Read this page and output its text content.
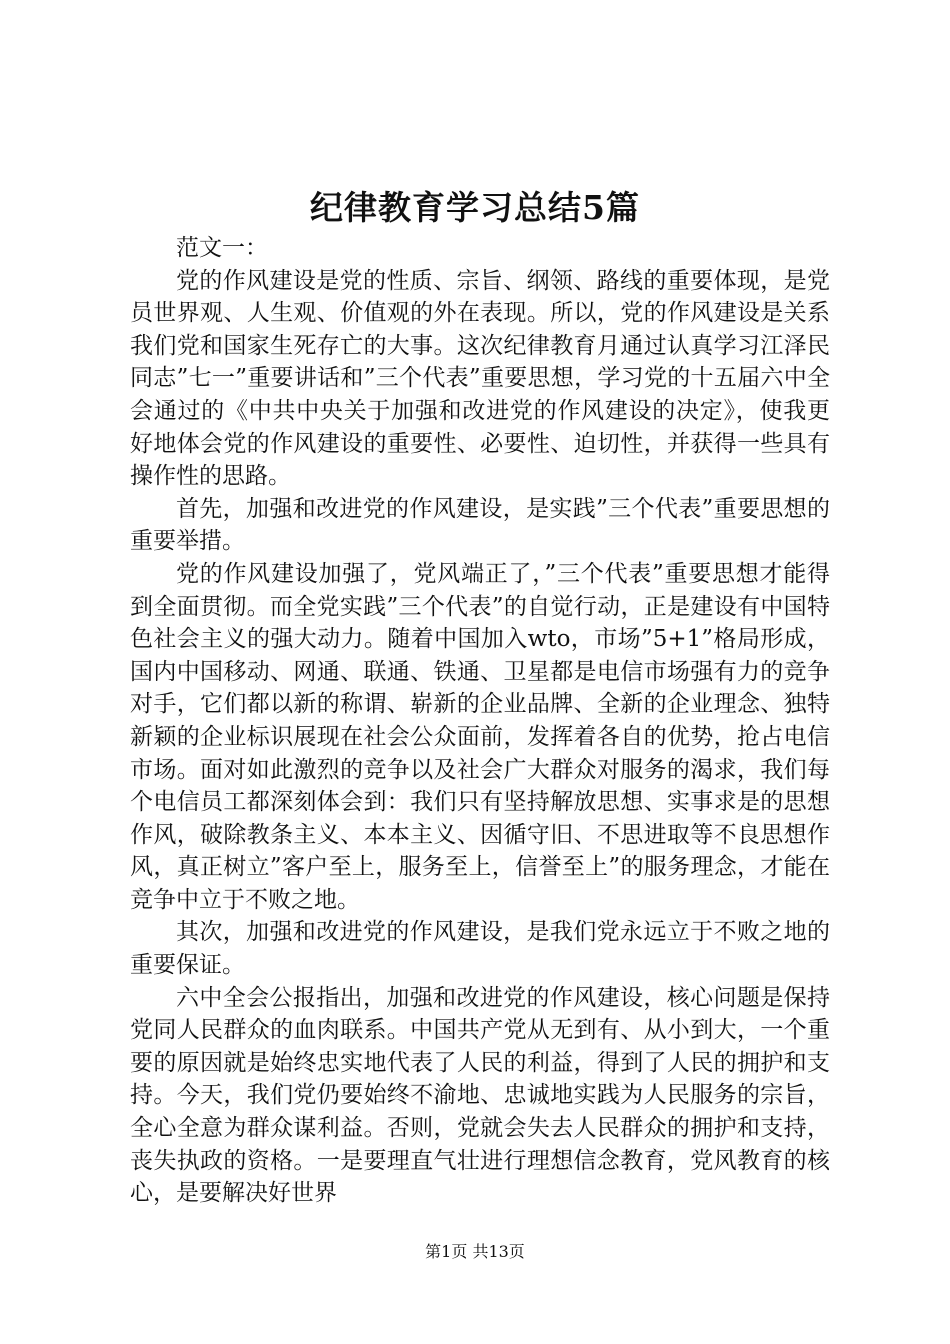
纪律教育学习总结5篇

范文一：

党的作风建设是党的性质、宗旨、纲领、路线的重要体现，是党员世界观、人生观、价值观的外在表现。所以，党的作风建设是关系我们党和国家生死存亡的大事。这次纪律教育月通过认真学习江泽民同志”七一”重要讲话和”三个代表”重要思想，学习党的十五届六中全会通过的《中共中央关于加强和改进党的作风建设的决定》，使我更好地体会党的作风建设的重要性、必要性、迫切性，并获得一些具有操作性的思路。

首先，加强和改进党的作风建设，是实践”三个代表”重要思想的重要举措。

党的作风建设加强了，党风端正了，”三个代表”重要思想才能得到全面贯彻。而全党实践”三个代表”的自觉行动，正是建设有中国特色社会主义的强大动力。随着中国加入wto，市场”5+1”格局形成，国内中国移动、网通、联通、铁通、卫星都是电信市场强有力的竞争对手，它们都以新的称谓、崭新的企业品牌、全新的企业理念、独特新颖的企业标识展现在社会公众面前，发挥着各自的优势，抢占电信市场。面对如此激烈的竞争以及社会广大群众对服务的渴求，我们每个电信员工都深刻体会到：我们只有坚持解放思想、实事求是的思想作风，破除教条主义、本本主义、因循守旧、不思进取等不良思想作风，真正树立”客户至上，服务至上，信誉至上”的服务理念，才能在竞争中立于不败之地。

其次，加强和改进党的作风建设，是我们党永远立于不败之地的重要保证。

六中全会公报指出，加强和改进党的作风建设，核心问题是保持党同人民群众的血肉联系。中国共产党从无到有、从小到大，一个重要的原因就是始终忠实地代表了人民的利益，得到了人民的拥护和支持。今天，我们党仍要始终不渝地、忠诚地实践为人民服务的宗旨，全心全意为群众谋利益。否则，党就会失去人民群众的拥护和支持，丧失执政的资格。一是要理直气壮进行理想信念教育，党风教育的核心，是要解决好世界

第1页 共13页
